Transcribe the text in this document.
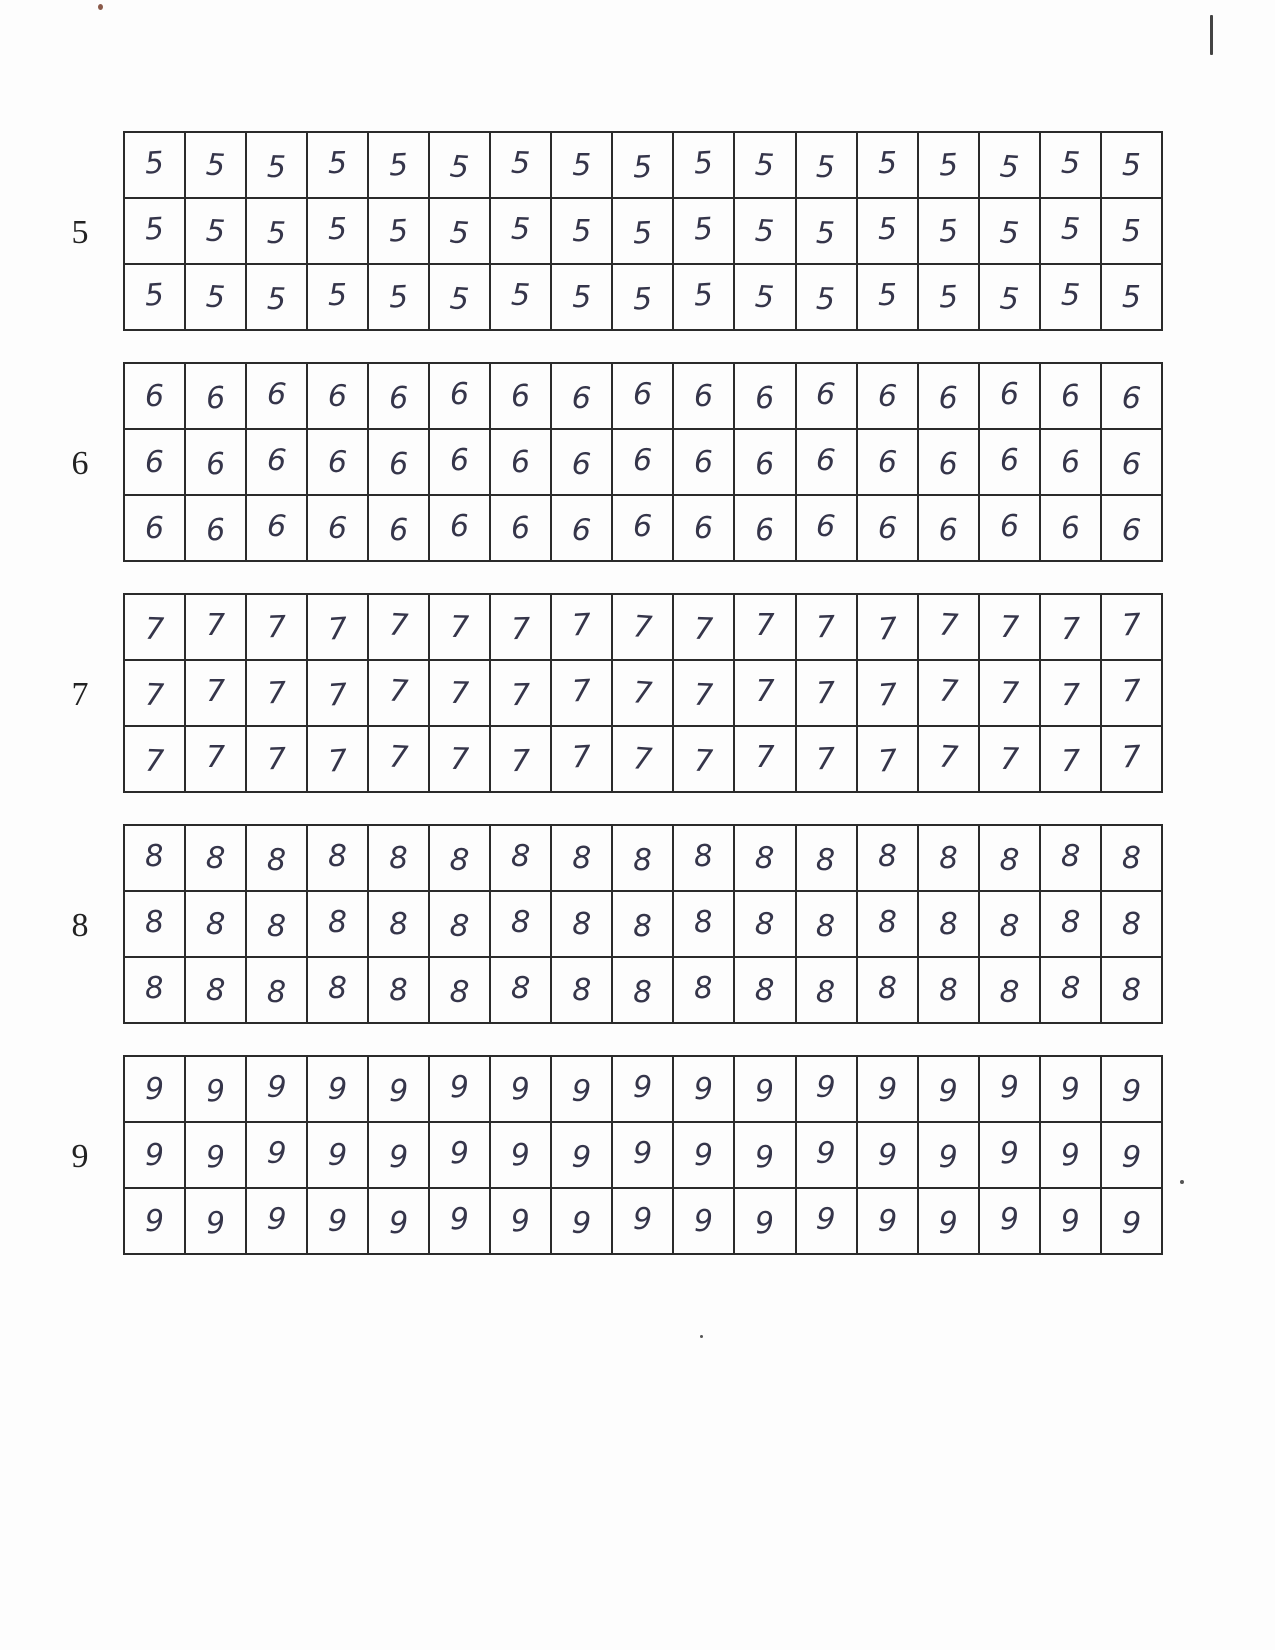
5
5	5	5	5	5	5	5	5	5	5	5	5	5	5	5	5	5
5	5	5	5	5	5	5	5	5	5	5	5	5	5	5	5	5
5	5	5	5	5	5	5	5	5	5	5	5	5	5	5	5	5
6
6	6	6	6	6	6	6	6	6	6	6	6	6	6	6	6	6
6	6	6	6	6	6	6	6	6	6	6	6	6	6	6	6	6
6	6	6	6	6	6	6	6	6	6	6	6	6	6	6	6	6
7
7	7	7	7	7	7	7	7	7	7	7	7	7	7	7	7	7
7	7	7	7	7	7	7	7	7	7	7	7	7	7	7	7	7
7	7	7	7	7	7	7	7	7	7	7	7	7	7	7	7	7
8
8	8	8	8	8	8	8	8	8	8	8	8	8	8	8	8	8
8	8	8	8	8	8	8	8	8	8	8	8	8	8	8	8	8
8	8	8	8	8	8	8	8	8	8	8	8	8	8	8	8	8
9
9	9	9	9	9	9	9	9	9	9	9	9	9	9	9	9	9
9	9	9	9	9	9	9	9	9	9	9	9	9	9	9	9	9
9	9	9	9	9	9	9	9	9	9	9	9	9	9	9	9	9
